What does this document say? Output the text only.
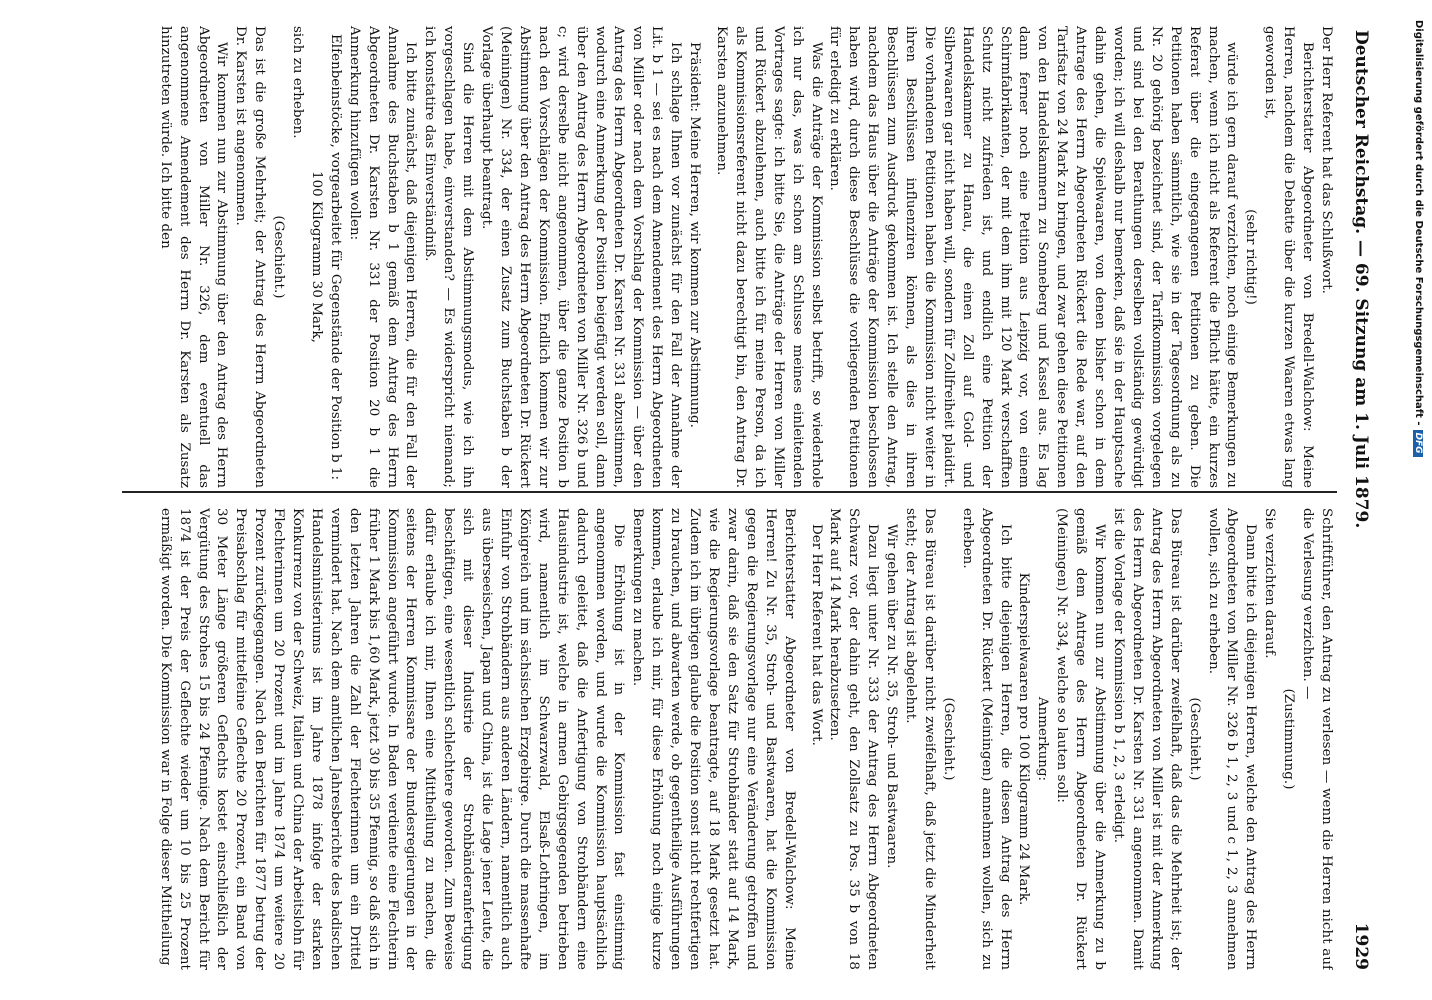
Deutscher Reichstag. — 69. Sitzung am 1. Juli 1879.
1929

Der Herr Referent hat das Schlußwort.

Berichterstatter Abgeordneter von Bredell-Walchow: Meine Herren, nachdem die Debatte über die kurzen Waaren etwas lang geworden ist,

(sehr richtig!)

würde ich gern darauf verzichten, noch einige Bemerkungen zu machen, wenn ich nicht als Referent die Pflicht hätte, ein kurzes Referat über die eingegangenen Petitionen zu geben. Die Petitionen haben sämmtlich, wie sie in der Tagesordnung als zu Nr. 20 gehörig bezeichnet sind, der Tarifkommission vorgelegen und sind bei den Berathungen derselben vollständig gewürdigt worden; ich will deshalb nur bemerken, daß sie in der Hauptsache dahin gehen, die Spielwaaren, von denen bisher schon in dem Antrage des Herrn Abgeordneten Rückert die Rede war, auf den Tarifsatz von 24 Mark zu bringen, und zwar gehen diese Petitionen von den Handelskammern zu Sonneberg und Kassel aus. Es lag dann ferner noch eine Petition aus Leipzig vor, von einem Schirmfabrikanten, der mit dem ihm mit 120 Mark verschafften Schutz nicht zufrieden ist, und endlich eine Petition der Handelskammer zu Hanau, die einen Zoll auf Gold- und Silberwaaren gar nicht haben will, sondern für Zollfreiheit plaidirt. Die vorhandenen Petitionen haben die Kommission nicht weiter in ihren Beschlüssen influenziren können, als dies in ihren Beschlüssen zum Ausdruck gekommen ist. Ich stelle den Antrag, nachdem das Haus über die Anträge der Kommission beschlossen haben wird, durch diese Beschlüsse die vorliegenden Petitionen für erledigt zu erklären.

Was die Anträge der Kommission selbst betrifft, so wiederhole ich nur das, was ich schon am Schlusse meines einleitenden Vortrages sagte: ich bitte Sie, die Anträge der Herren von Miller und Rückert abzulehnen, auch bitte ich für meine Person, da ich als Kommissionsreferent nicht dazu berechtigt bin, den Antrag Dr. Karsten anzunehmen.

Präsident: Meine Herren, wir kommen zur Abstimmung.

Ich schlage Ihnen vor zunächst für den Fall der Annahme der Lit. b 1 — sei es nach dem Amendement des Herrn Abgeordneten von Miller oder nach dem Vorschlag der Kommission — über den Antrag des Herrn Abgeordneten Dr. Karsten Nr. 331 abzustimmen, wodurch eine Anmerkung der Position beigefügt werden soll, dann über den Antrag des Herrn Abgeordneten von Miller Nr. 326 b und c; wird derselbe nicht angenommen, über die ganze Position b nach den Vorschlägen der Kommission. Endlich kommen wir zur Abstimmung über den Antrag des Herrn Abgeordneten Dr. Rückert (Meiningen) Nr. 334, der einen Zusatz zum Buchstaben b der Vorlage überhaupt beantragt.

Sind die Herren mit dem Abstimmungsmodus, wie ich ihn vorgeschlagen habe, einverstanden? — Es widerspricht niemand; ich konstatire das Einverständniß.

Ich bitte zunächst, daß diejenigen Herren, die für den Fall der Annahme des Buchstaben b 1 gemäß dem Antrag des Herrn Abgeordneten Dr. Karsten Nr. 331 der Position 20 b 1 die Anmerkung hinzufügen wollen:

Elfenbeinstöcke, vorgearbeitet für Gegenstände der Position b 1: 100 Kilogramm 30 Mark,

sich zu erheben.

(Geschieht.)

Das ist die große Mehrheit; der Antrag des Herrn Abgeordneten Dr. Karsten ist angenommen.

Wir kommen nun zur Abstimmung über den Antrag des Herrn Abgeordneten von Miller Nr. 326, dem eventuell das angenommene Amendement des Herrn Dr. Karsten als Zusatz hinzutreten würde. Ich bitte den

Schriftführer, den Antrag zu verlesen — wenn die Herren nicht auf die Verlesung verzichten. —

(Zustimmung.)

Sie verzichten darauf.

Dann bitte ich diejenigen Herren, welche den Antrag des Herrn Abgeordneten von Miller Nr. 326 b 1, 2, 3 und c 1, 2, 3 annehmen wollen, sich zu erheben.

(Geschieht.)

Das Büreau ist darüber zweifelhaft, daß das die Mehrheit ist; der Antrag des Herrn Abgeordneten von Miller ist mit der Anmerkung des Herrn Abgeordneten Dr. Karsten Nr. 331 angenommen. Damit ist die Vorlage der Kommission b 1, 2, 3 erledigt.

Wir kommen nun zur Abstimmung über die Anmerkung zu b gemäß dem Antrage des Herrn Abgeordneten Dr. Rückert (Meiningen) Nr. 334, welche so lauten soll:

Anmerkung:

Kinderspielwaaren pro 100 Kilogramm 24 Mark.

Ich bitte diejenigen Herren, die diesen Antrag des Herrn Abgeordneten Dr. Rückert (Meiningen) annehmen wollen, sich zu erheben.

(Geschieht.)

Das Büreau ist darüber nicht zweifelhaft, daß jetzt die Minderheit steht; der Antrag ist abgelehnt.

Wir gehen über zu Nr. 35, Stroh- und Bastwaaren.

Dazu liegt unter Nr. 333 der Antrag des Herrn Abgeordneten Schwarz vor, der dahin geht, den Zollsatz zu Pos. 35 b von 18 Mark auf 14 Mark herabzusetzen.

Der Herr Referent hat das Wort.

Berichterstatter Abgeordneter von Bredell-Walchow: Meine Herren! Zu Nr. 35, Stroh- und Bastwaaren, hat die Kommission gegen die Regierungsvorlage nur eine Veränderung getroffen und zwar darin, daß sie den Satz für Strohbänder statt auf 14 Mark, wie die Regierungsvorlage beantragte, auf 18 Mark gesetzt hat. Zudem ich im übrigen glaube die Position sonst nicht rechtfertigen zu brauchen, und abwarten werde, ob gegentheilige Ausführungen kommen, erlaube ich mir, für diese Erhöhung noch einige kurze Bemerkungen zu machen.

Die Erhöhung ist in der Kommission fast einstimmig angenommen worden, und wurde die Kommission hauptsächlich dadurch geleitet, daß die Anfertigung von Strohbändern eine Hausindustrie ist, welche in armen Gebirgsgegenden betrieben wird, namentlich im Schwarzwald, Elsaß-Lothringen, im Königreich und im sächsischen Erzgebirge. Durch die massenhafte Einfuhr von Strohbändern aus anderen Ländern, namentlich auch aus überseeischen, Japan und China, ist die Lage jener Leute, die sich mit dieser Industrie der Strohbänderanfertigung beschäftigen, eine wesentlich schlechtere geworden. Zum Beweise dafür erlaube ich mir, Ihnen eine Mittheilung zu machen, die seitens der Herren Kommissare der Bundesregierungen in der Kommission angeführt wurde. In Baden verdiente eine Flechterin früher 1 Mark bis 1,60 Mark, jetzt 30 bis 35 Pfennig, so daß sich in den letzten Jahren die Zahl der Flechterinnen um ein Drittel vermindert hat. Nach dem amtlichen Jahresberichte des badischen Handelsministeriums ist im Jahre 1878 infolge der starken Konkurrenz von der Schweiz, Italien und China der Arbeitslohn für Flechterinnen um 20 Prozent und im Jahre 1874 um weitere 20 Prozent zurückgegangen. Nach den Berichten für 1877 betrug der Preisabschlag für mittelfeine Geflechte 20 Prozent, ein Band von 30 Meter Länge größeren Geflechts kostet einschließlich der Vergütung des Strohes 15 bis 24 Pfennige. Nach dem Bericht für 1874 ist der Preis der Geflechte wieder um 10 bis 25 Prozent ermäßigt worden. Die Kommission war in Folge dieser Mittheilung

Digitalisierung gefördert durch die Deutsche Forschungsgemeinschaft -DFG
